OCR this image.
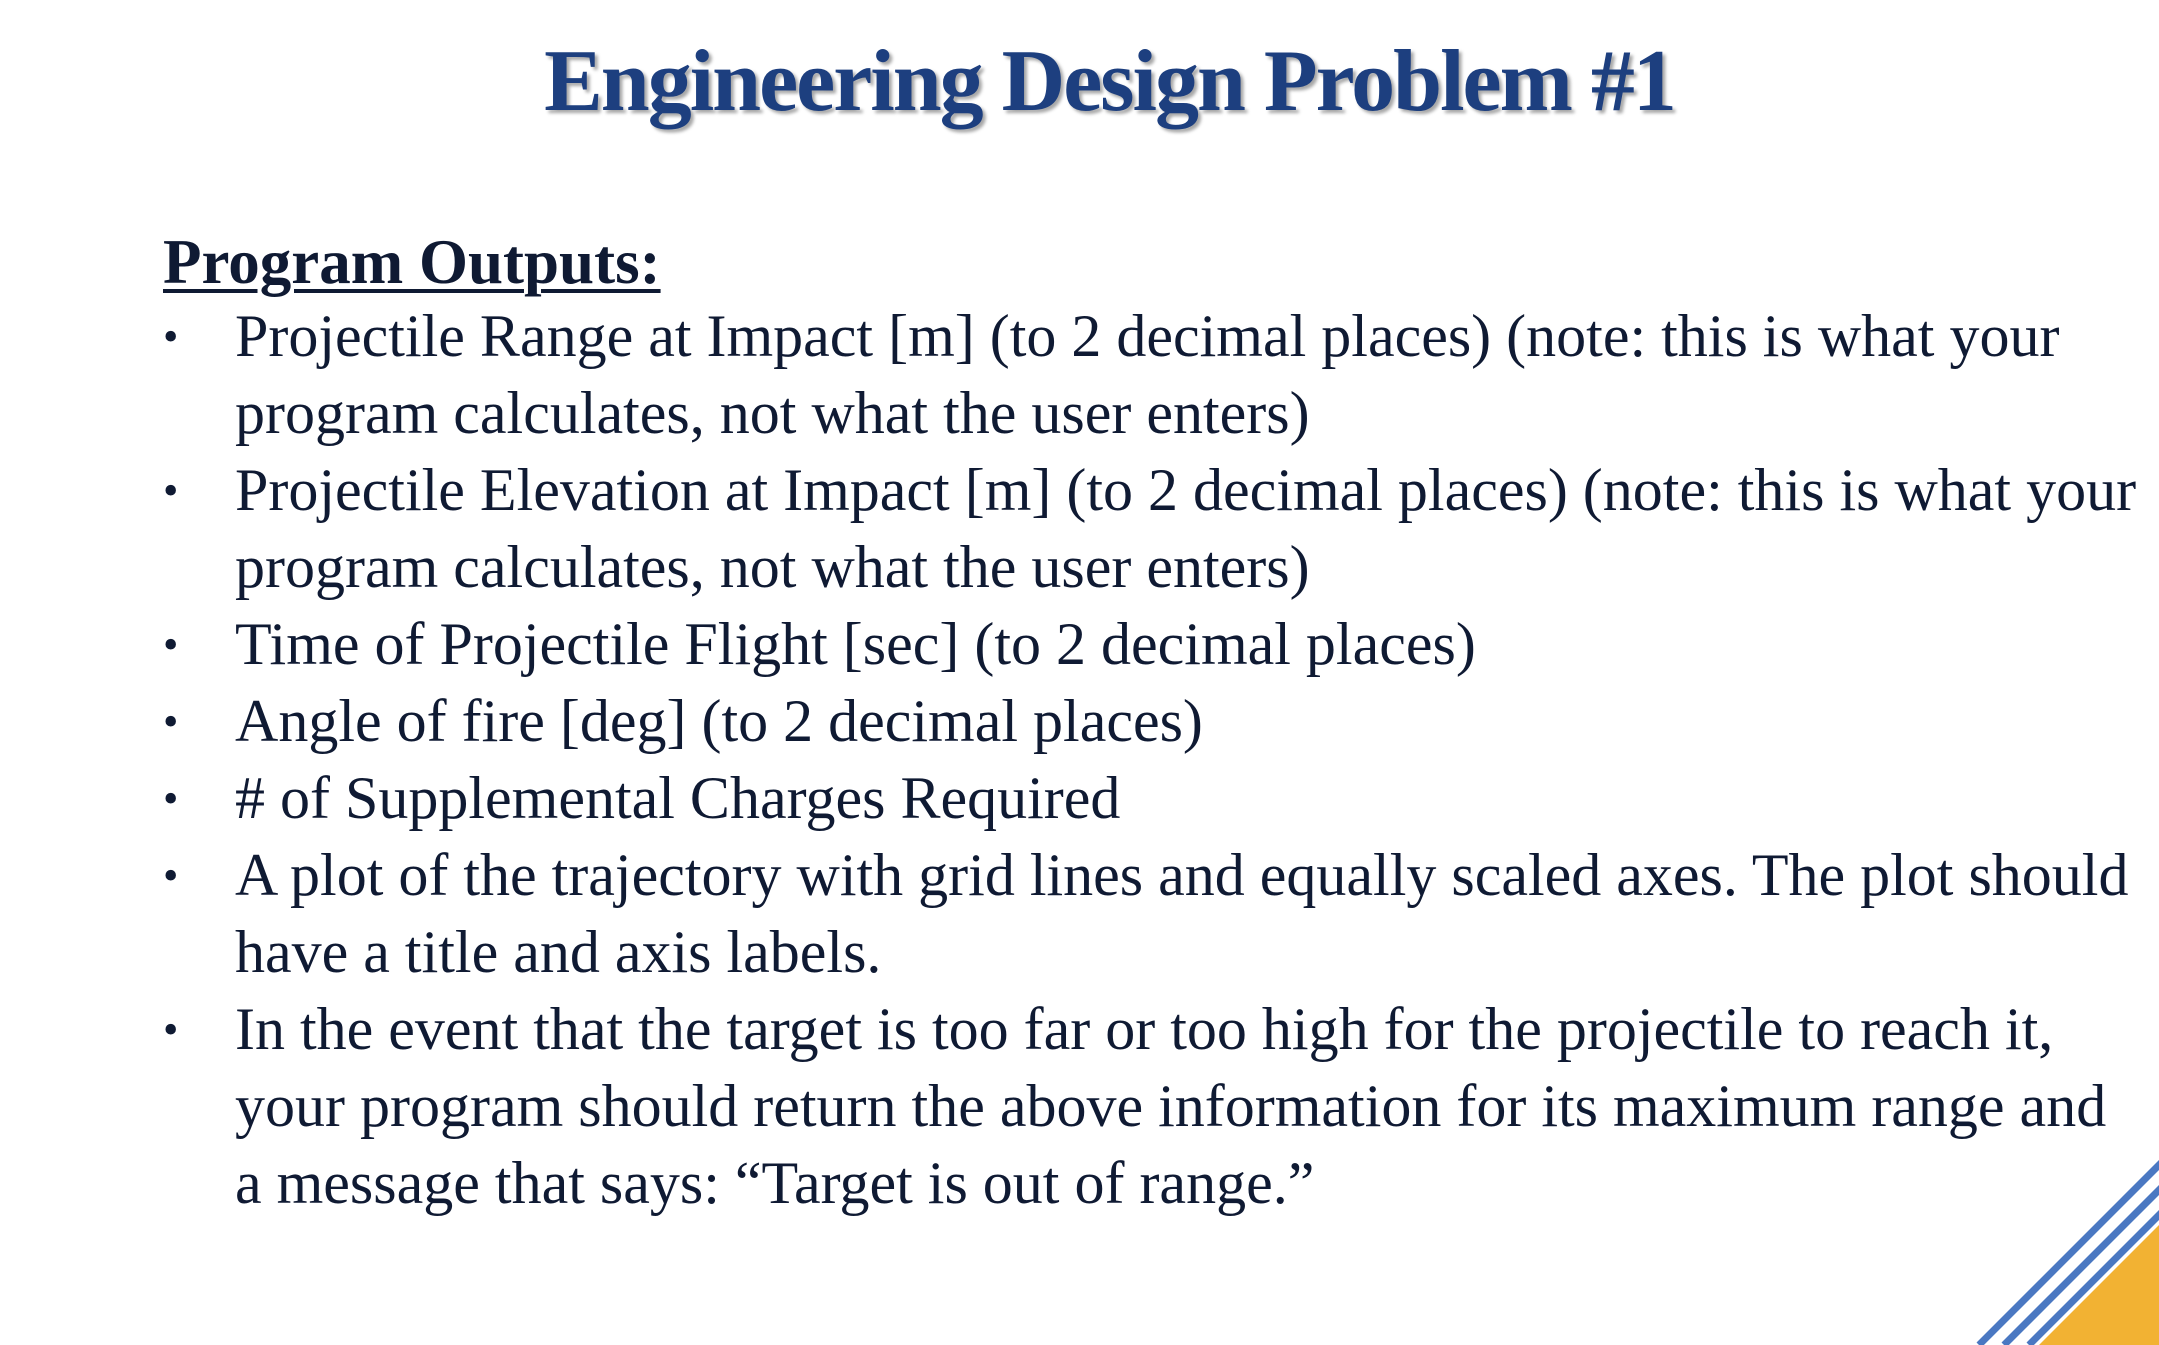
Engineering Design Problem #1
Program Outputs:
• Projectile Range at Impact [m] (to 2 decimal places) (note: this is what your program calculates, not what the user enters)
• Projectile Elevation at Impact [m] (to 2 decimal places) (note: this is what your program calculates, not what the user enters)
• Time of Projectile Flight [sec] (to 2 decimal places)
• Angle of fire [deg] (to 2 decimal places)
• # of Supplemental Charges Required
• A plot of the trajectory with grid lines and equally scaled axes. The plot should have a title and axis labels.
• In the event that the target is too far or too high for the projectile to reach it, your program should return the above information for its maximum range and a message that says: “Target is out of range.”
